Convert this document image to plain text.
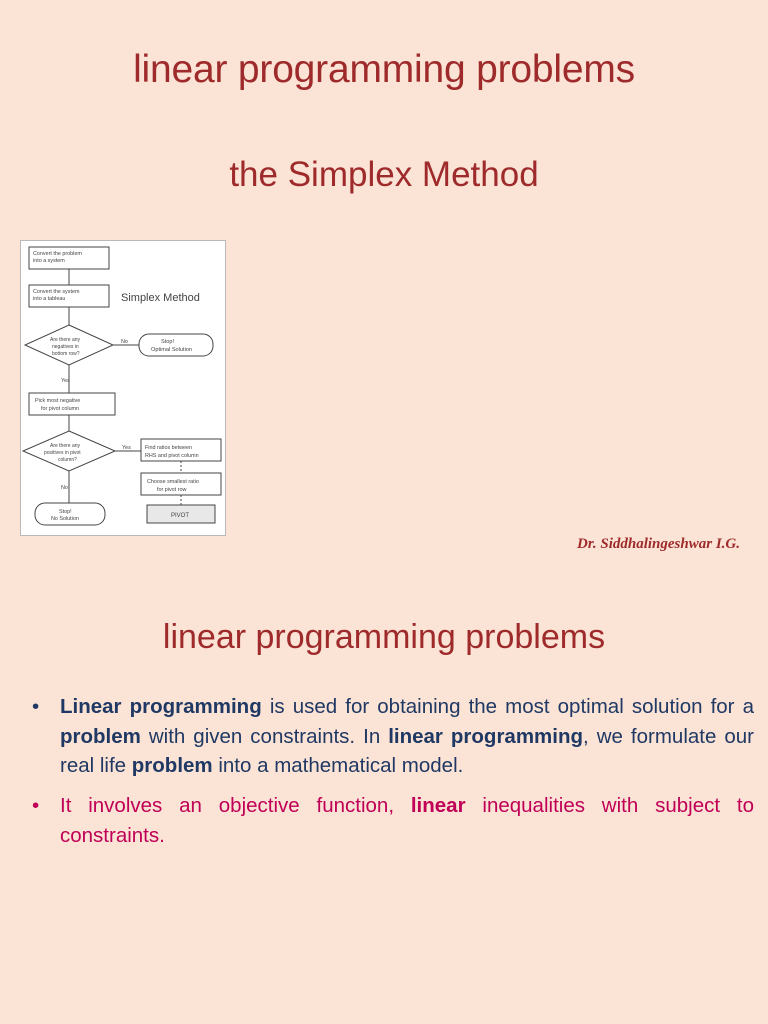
linear programming problems
the Simplex Method
Convert the problem
into a system
Convert the system
into a tableau	Simplex Method
Are there any
negatives in
bottom row?
No	Stop!
Optimal Solution
Yes
Pick most negative
for pivot column
Are there any
positives in pivot
column?
Yes	Find ratios between
RHS and pivot column
Choose smallest ratio
for pivot row
PIVOT
No
Stop!
No Solution
Dr. Siddhalingeshwar I.G.
linear programming problems
• Linear programming is used for obtaining the most optimal solution for a problem with given constraints. In linear programming, we formulate our real life problem into a mathematical model.
• It involves an objective function, linear inequalities with subject to constraints.
